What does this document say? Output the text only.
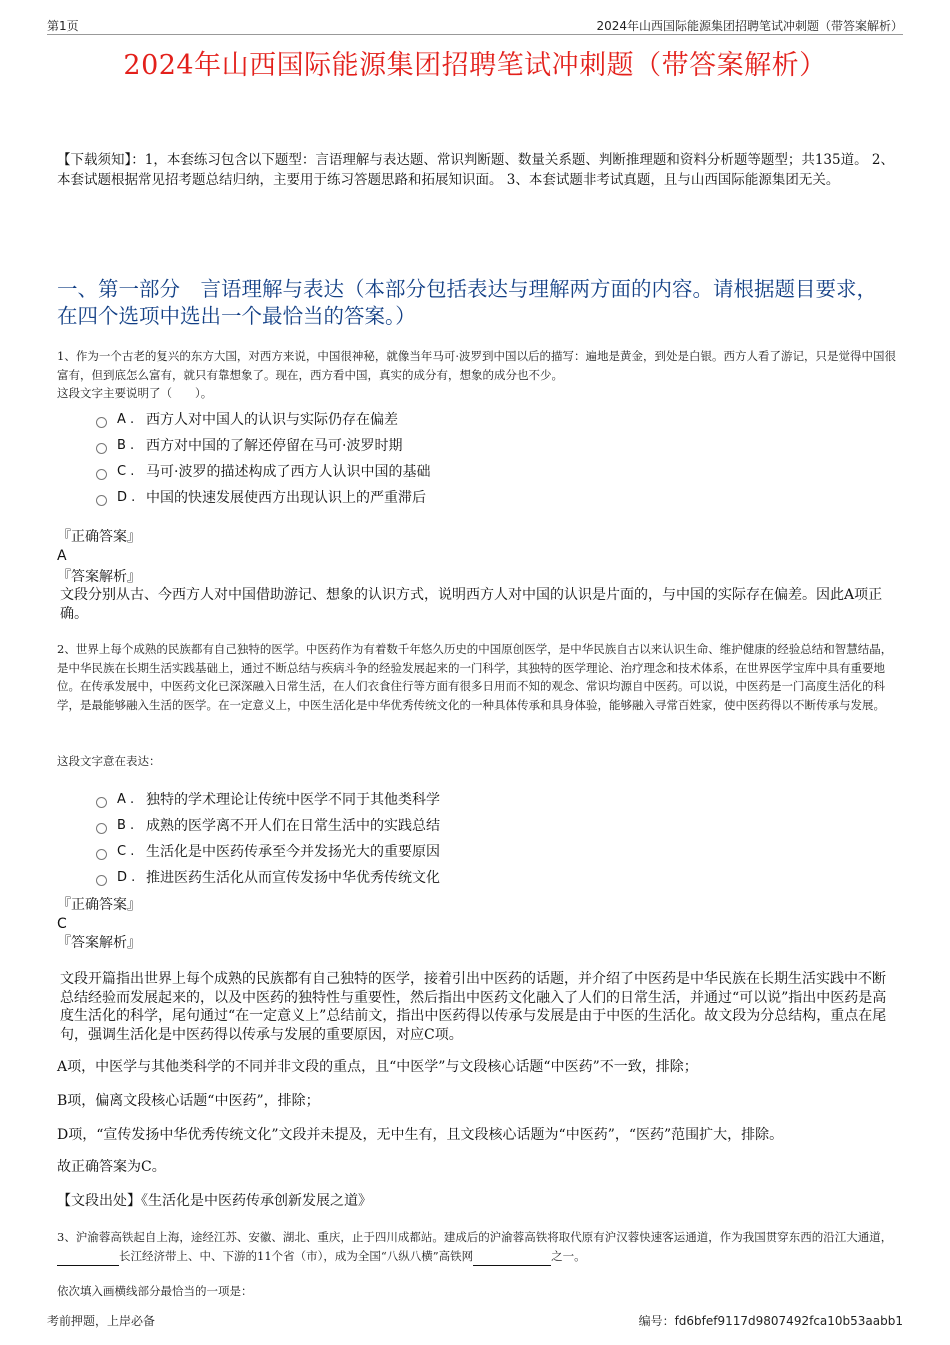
第1页	2024年山西国际能源集团招聘笔试冲刺题（带答案解析）
2024年山西国际能源集团招聘笔试冲刺题（带答案解析）
【下载须知】：1，本套练习包含以下题型：言语理解与表达题、常识判断题、数量关系题、判断推理题和资料分析题等题型；共135道。 2、本套试题根据常见招考题总结归纳，主要用于练习答题思路和拓展知识面。 3、本套试题非考试真题，且与山西国际能源集团无关。
一、第一部分　言语理解与表达（本部分包括表达与理解两方面的内容。请根据题目要求，在四个选项中选出一个最恰当的答案。）
1、作为一个古老的复兴的东方大国，对西方来说，中国很神秘，就像当年马可·波罗到中国以后的描写：遍地是黄金，到处是白银。西方人看了游记，只是觉得中国很富有，但到底怎么富有，就只有靠想象了。现在，西方看中国，真实的成分有，想象的成分也不少。
这段文字主要说明了（　　）。
A . 西方人对中国人的认识与实际仍存在偏差
B . 西方对中国的了解还停留在马可·波罗时期
C . 马可·波罗的描述构成了西方人认识中国的基础
D . 中国的快速发展使西方出现认识上的严重滞后
『正确答案』
A
『答案解析』
文段分别从古、今西方人对中国借助游记、想象的认识方式，说明西方人对中国的认识是片面的，与中国的实际存在偏差。因此A项正确。
2、世界上每个成熟的民族都有自己独特的医学。中医药作为有着数千年悠久历史的中国原创医学，是中华民族自古以来认识生命、维护健康的经验总结和智慧结晶，是中华民族在长期生活实践基础上，通过不断总结与疾病斗争的经验发展起来的一门科学，其独特的医学理论、治疗理念和技术体系，在世界医学宝库中具有重要地位。在传承发展中，中医药文化已深深融入日常生活，在人们衣食住行等方面有很多日用而不知的观念、常识均源自中医药。可以说，中医药是一门高度生活化的科学，是最能够融入生活的医学。在一定意义上，中医生活化是中华优秀传统文化的一种具体传承和具身体验，能够融入寻常百姓家，使中医药得以不断传承与发展。
这段文字意在表达：
A . 独特的学术理论让传统中医学不同于其他类科学
B . 成熟的医学离不开人们在日常生活中的实践总结
C . 生活化是中医药传承至今并发扬光大的重要原因
D . 推进医药生活化从而宣传发扬中华优秀传统文化
『正确答案』
C
『答案解析』
文段开篇指出世界上每个成熟的民族都有自己独特的医学，接着引出中医药的话题，并介绍了中医药是中华民族在长期生活实践中不断总结经验而发展起来的，以及中医药的独特性与重要性，然后指出中医药文化融入了人们的日常生活，并通过“可以说”指出中医药是高度生活化的科学，尾句通过“在一定意义上”总结前文，指出中医药得以传承与发展是由于中医的生活化。故文段为分总结构，重点在尾句，强调生活化是中医药得以传承与发展的重要原因，对应C项。
A项，中医学与其他类科学的不同并非文段的重点，且“中医学”与文段核心话题“中医药”不一致，排除；
B项，偏离文段核心话题“中医药”，排除；
D项，“宣传发扬中华优秀传统文化”文段并未提及，无中生有，且文段核心话题为“中医药”，“医药”范围扩大，排除。
故正确答案为C。
【文段出处】《生活化是中医药传承创新发展之道》
3、沪渝蓉高铁起自上海，途经江苏、安徽、湖北、重庆，止于四川成都站。建成后的沪渝蓉高铁将取代原有沪汉蓉快速客运通道，作为我国贯穿东西的沿江大通道， 长江经济带上、中、下游的11个省（市），成为全国“八纵八横”高铁网	之一。
依次填入画横线部分最恰当的一项是：
考前押题，上岸必备	编号：fd6bfef9117d9807492fca10b53aabb1
